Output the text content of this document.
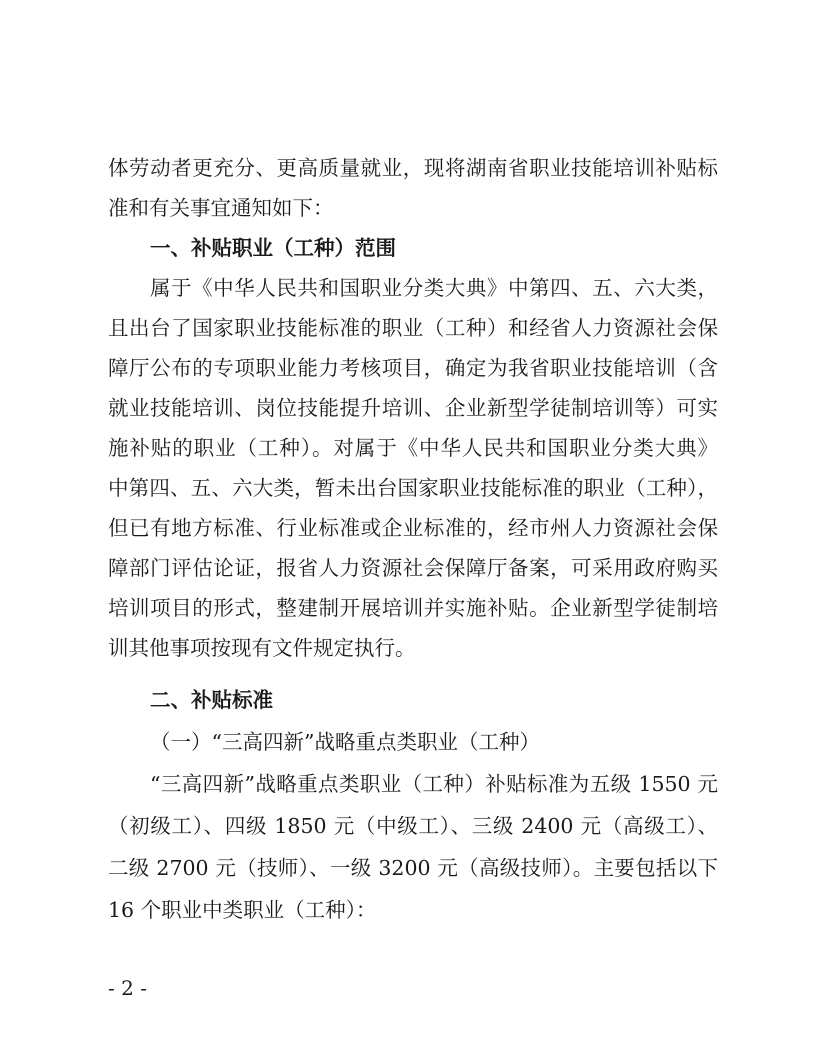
体劳动者更充分、更高质量就业，现将湖南省职业技能培训补贴标
准和有关事宜通知如下：
一、补贴职业（工种）范围
属于《中华人民共和国职业分类大典》中第四、五、六大类，
且出台了国家职业技能标准的职业（工种）和经省人力资源社会保
障厅公布的专项职业能力考核项目，确定为我省职业技能培训（含
就业技能培训、岗位技能提升培训、企业新型学徒制培训等）可实
施补贴的职业（工种）。对属于《中华人民共和国职业分类大典》
中第四、五、六大类，暂未出台国家职业技能标准的职业（工种），
但已有地方标准、行业标准或企业标准的，经市州人力资源社会保
障部门评估论证，报省人力资源社会保障厅备案，可采用政府购买
培训项目的形式，整建制开展培训并实施补贴。企业新型学徒制培
训其他事项按现有文件规定执行。
二、补贴标准
（一）“三高四新”战略重点类职业（工种）
“三高四新”战略重点类职业（工种）补贴标准为五级 1550 元
（初级工）、四级 1850 元（中级工）、三级 2400 元（高级工）、
二级 2700 元（技师）、一级 3200 元（高级技师）。主要包括以下
16 个职业中类职业（工种）：
- 2 -
